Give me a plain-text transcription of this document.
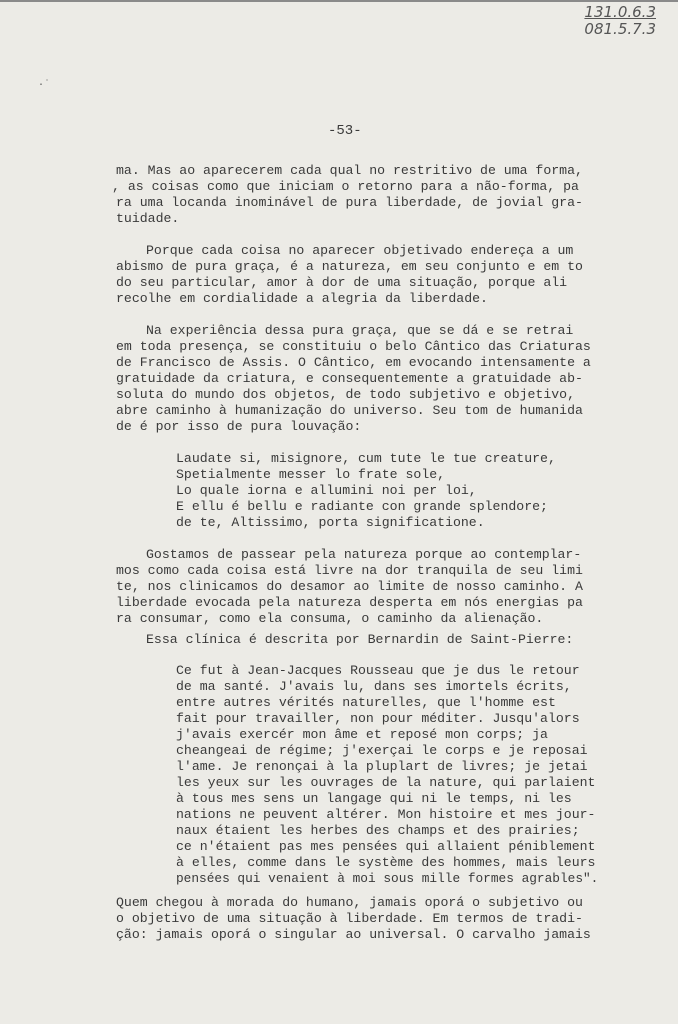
131.0.6.3
081.5.7.3
·˙
-53-
ma. Mas ao aparecerem cada qual no restritivo de uma forma,
, as coisas como que iniciam o retorno para a não-forma, pa
ra uma locanda inominável de pura liberdade, de jovial gra-
tuidade.
Porque cada coisa no aparecer objetivado endereça a um
abismo de pura graça, é a natureza, em seu conjunto e em to
do seu particular, amor à dor de uma situação, porque ali
recolhe em cordialidade a alegria da liberdade.
Na experiência dessa pura graça, que se dá e se retrai
em toda presença, se constituiu o belo Cântico das Criaturas
de Francisco de Assis. O Cântico, em evocando intensamente a
gratuidade da criatura, e consequentemente a gratuidade ab-
soluta do mundo dos objetos, de todo subjetivo e objetivo,
abre caminho à humanização do universo. Seu tom de humanida
de é por isso de pura louvação:
Laudate si, misignore, cum tute le tue creature,
Spetialmente messer lo frate sole,
Lo quale iorna e allumini noi per loi,
E ellu é bellu e radiante con grande splendore;
de te, Altissimo, porta significatione.
Gostamos de passear pela natureza porque ao contemplar-
mos como cada coisa está livre na dor tranquila de seu limi
te, nos clinicamos do desamor ao limite de nosso caminho. A
liberdade evocada pela natureza desperta em nós energias pa
ra consumar, como ela consuma, o caminho da alienação.
Essa clínica é descrita por Bernardin de Saint-Pierre:
Ce fut à Jean-Jacques Rousseau que je dus le retour
de ma santé. J'avais lu, dans ses imortels écrits,
entre autres vérités naturelles, que l'homme est
fait pour travailler, non pour méditer. Jusqu'alors
j'avais exercér mon âme et reposé mon corps; ja
cheangeai de régime; j'exerçai le corps e je reposai
l'ame. Je renonçai à la pluplart de livres; je jetai
les yeux sur les ouvrages de la nature, qui parlaient
à tous mes sens un langage qui ni le temps, ni les
nations ne peuvent altérer. Mon histoire et mes jour-
naux étaient les herbes des champs et des prairies;
ce n'étaient pas mes pensées qui allaient péniblement
à elles, comme dans le système des hommes, mais leurs
pensées qui venaient à moi sous mille formes agrables".
Quem chegou à morada do humano, jamais oporá o subjetivo ou
o objetivo de uma situação à liberdade. Em termos de tradi-
ção: jamais oporá o singular ao universal. O carvalho jamais
